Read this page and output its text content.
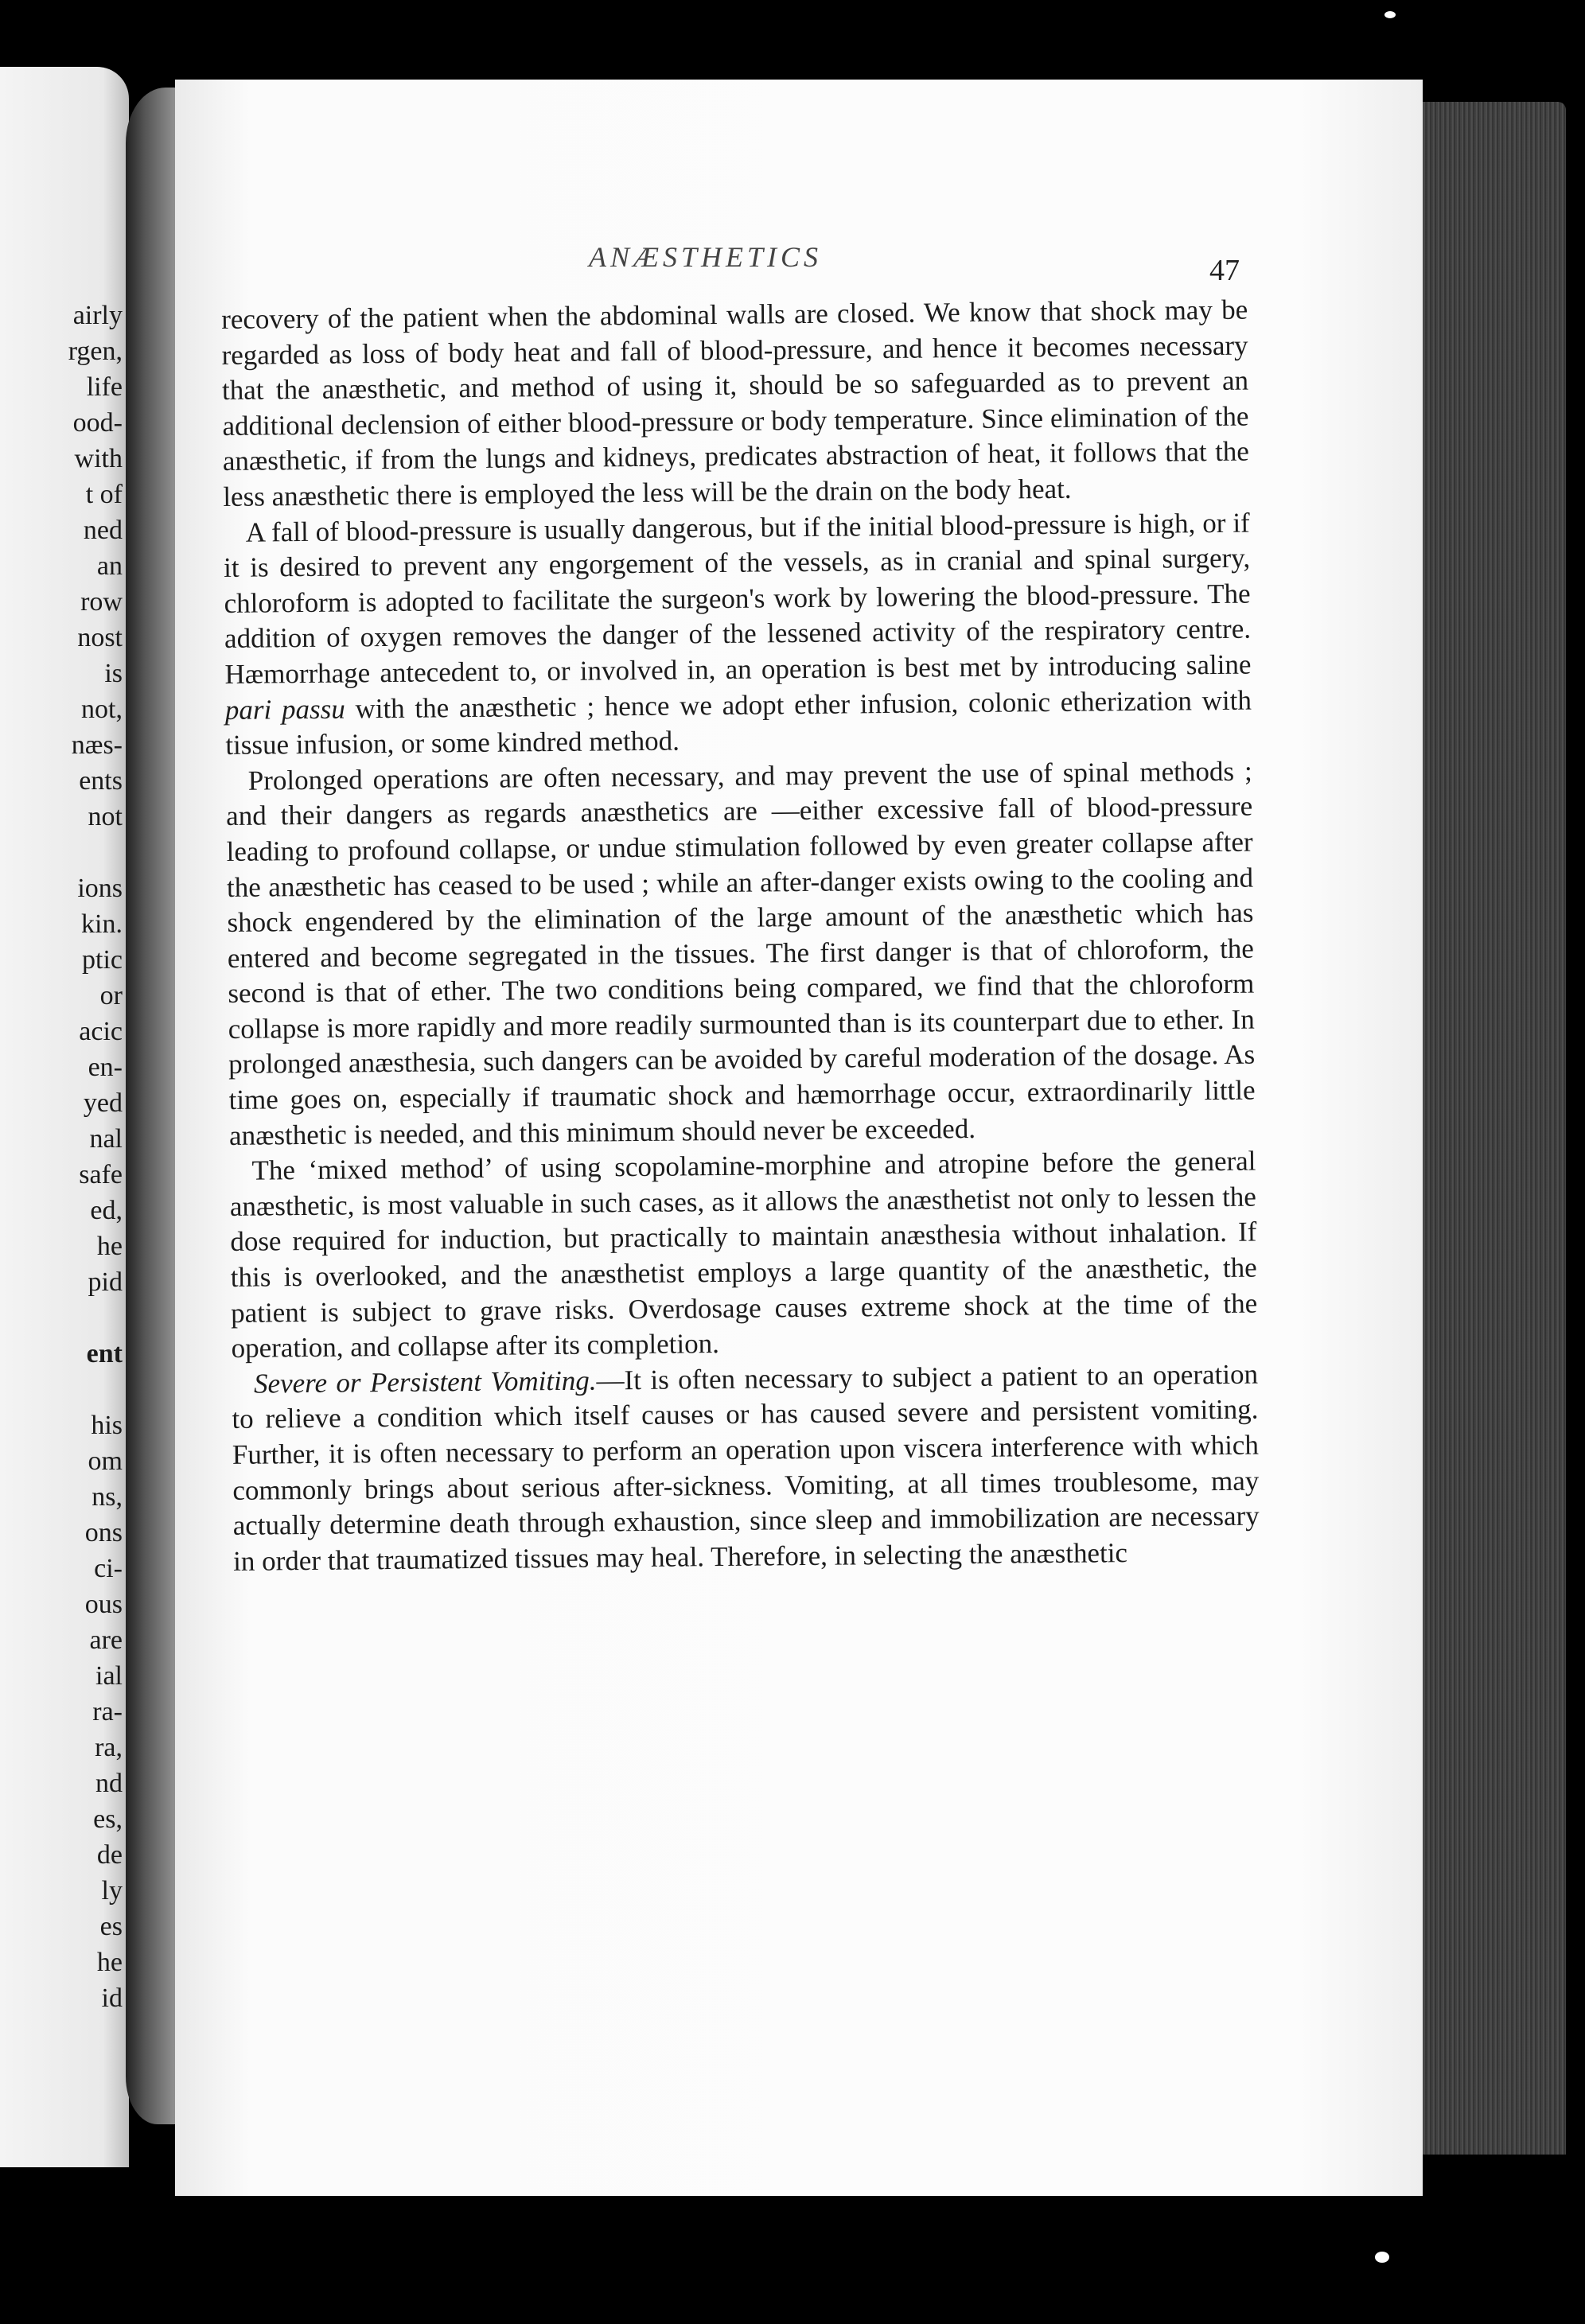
airly
rgen,
life
ood-
with
t of
ned
an
row
nost
is
not,
næs-
ents
not

ions
kin.
ptic
or
acic
en-
yed
nal
safe
ed,
he
pid

ent

his
om
ns,
ons
ci-
ous
are
ial
ra-
ra,
nd
es,
de
ly
es
he
id
ANÆSTHETICS	47

recovery of the patient when the abdominal walls are closed. We know that shock may be regarded as loss of body heat and fall of blood-pressure, and hence it becomes necessary that the anæsthetic, and method of using it, should be so safeguarded as to prevent an additional declension of either blood-pressure or body temperature. Since elimination of the anæsthetic, if from the lungs and kidneys, predicates abstraction of heat, it follows that the less anæsthetic there is employed the less will be the drain on the body heat.

A fall of blood-pressure is usually dangerous, but if the initial blood-pressure is high, or if it is desired to prevent any engorgement of the vessels, as in cranial and spinal surgery, chloroform is adopted to facilitate the surgeon's work by lowering the blood-pressure. The addition of oxygen removes the danger of the lessened activity of the respiratory centre. Hæmorrhage antecedent to, or involved in, an operation is best met by introducing saline pari passu with the anæsthetic ; hence we adopt ether infusion, colonic etherization with tissue infusion, or some kindred method.

Prolonged operations are often necessary, and may prevent the use of spinal methods ; and their dangers as regards anæsthetics are —either excessive fall of blood-pressure leading to profound collapse, or undue stimulation followed by even greater collapse after the anæsthetic has ceased to be used ; while an after-danger exists owing to the cooling and shock engendered by the elimination of the large amount of the anæsthetic which has entered and become segregated in the tissues. The first danger is that of chloroform, the second is that of ether. The two conditions being compared, we find that the chloroform collapse is more rapidly and more readily surmounted than is its counterpart due to ether. In prolonged anæsthesia, such dangers can be avoided by careful moderation of the dosage. As time goes on, especially if traumatic shock and hæmorrhage occur, extraordinarily little anæsthetic is needed, and this minimum should never be exceeded.

The ‘mixed method’ of using scopolamine-morphine and atropine before the general anæsthetic, is most valuable in such cases, as it allows the anæsthetist not only to lessen the dose required for induction, but practically to maintain anæsthesia without inhalation. If this is overlooked, and the anæsthetist employs a large quantity of the anæsthetic, the patient is subject to grave risks. Overdosage causes extreme shock at the time of the operation, and collapse after its completion.

Severe or Persistent Vomiting.—It is often necessary to subject a patient to an operation to relieve a condition which itself causes or has caused severe and persistent vomiting. Further, it is often necessary to perform an operation upon viscera interference with which commonly brings about serious after-sickness. Vomiting, at all times troublesome, may actually determine death through exhaustion, since sleep and immobilization are necessary in order that traumatized tissues may heal. Therefore, in selecting the anæsthetic
